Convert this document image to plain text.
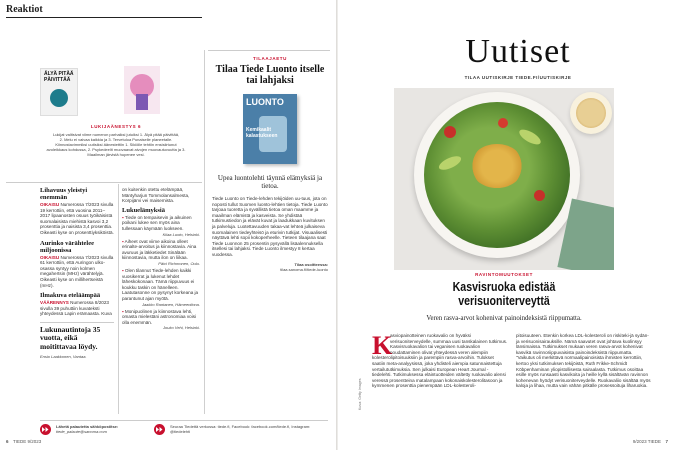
Reaktiot
ÄLYÄ PITÄÄ PÄIVITTÄÄ
LUKIJAÄNESTYS 6
Lukijat valitsivat viime numeron parhaiksi jutuiksi 1. Älyä pitää päivittää,
2. Melu ei vaivaa kaikkia ja 3. Tervetuloa Punaiselle planeetalle.
Kiinnostavimmiksi uutisiksi äänestettiin 1. Sikiölle tehtiin ensisiirtunut
avoleikkaus kohdussa, 2. Psykedeelit muovaavat aivojen muovautuvuutta ja 3.
Maailman järvistä hupenee vesi.
Lihavuus yleistyi enemmän

OIKAISU Numerossa 7/2023 sivulla 19 kerrottiin, että vuosina 2011–2017 lipaanosten osuus työikäisistä suomalaisista miehistä kasvoi 3,2 prosenttia ja naisista 3,4 prosenttia. Oikeasti kyse on prosenttiyksiköistä.

Aurinko värähtelee miljoonissa

OIKAISU Numerossa 7/2023 sivulla 61 kerrottiin, että Auringon ulko-osassa syntyy noin kolmen megahertsin (MHz) värähtelyjä. Oikeasti kyse on millihertseistä (mHz).

Ilmakuva eteläämpää

VÄÄRENNYS Numerossa 8/2023 sivulla 39 puhuttiin kuvateksti yhteydessä Lapin erämaasta. Kuva

Lukunautintoja 35 vuotta, eikä moitittavaa löydy.
Ensio Laakkonen, Vantaa.

on kuitenkin otettu etelämpää, Mäntyharjun Tommolansalmesta, Korpijärvi vei maisemista.

Lukuelämyksiä

▪ Tiede on tempaisevin ja aikuinen poikani lukee sen myös aina tullessaan käymään luokseen.

Kiiaa Luoto, Helsinki.

▪ Aiheet ovat viime aikoina olleet erinalte-arvoitus ja kiinnostavia. Aina avuruus ja läkketiedet Sinälään kiinnostavia, mutta ilon on liikaa.

Päivi Richmonen, Oulu.

▪ Olen tilannut Tiede-lehden kaikki vuosikerrat ja lukenut lehdet läheskokonaan. Tämä riippuvuus ei koukku taskin on hänelleen. Laatutasonne on pysynyt korkeana ja parantunut ajan myötä.

Jaakko Rantanen, Hämeenlinna.

▪ Monipuolinen ja kiinnostava lehti, omasta mielestäni astronomiaa voisi olla enemmän.

Jouko Vehi, Helsinki.
TILAAJAETU
Tilaa Tiede Luonto itselle tai lahjaksi
LUONTO
Kemikaalit kalastukseen
Upea luontolehti täynnä elämyksiä ja tietoa.

Tiede Luonto on Tiede-lehden tekijöiden uu-tuus, jota on noposti tullut Suomen luonto-lehtien tietoja. Tiede Luonto tarjoaa tuoretta ja syvällistä tietoa oman maamme ja maailman elämistä ja kasveista. Se yhdistää tutkimustiedon ja elävät kuvat ja laadukkaan kuvituksen ja palveluja. Luotettavuuden takaa-vat lehteä julkaiseva suomalainen tiedeyhteisö ja eturivin tutkijat. Visuaalisesti näyttävä lehti sopii kokoperheelle. Tieteen tilaajana saat Tiede Luonnon 25 prosentin pysyvällä lisäalennuksella itsellesi tai lahjaksi. Tiede Luonto ilmestyy 8 kertaa vuodessa.

Tilaa osoitteessa:
tilaa.sanoma.fi/tiede-luonto
Lähetä palautetta sähköpostitse:
tiede_palaute@sanoma.com
Seuraa Tiedettä verkossa: tiede.fi, Facebook: facebook.com/tiede.fi, Instagram: @tiedelehti
6 TIEDE 9/2023
Uutiset
TILAA UUTISKIRJE TIEDE.FI/UUTISKIRJE
Kuva: Getty Images
RAVINTOMUUTOKSET
Kasvisruoka edistää verisuoniterveyttä
Veren rasva-arvot kohenivat painoindeksistä riippumatta.
K

asviopainotteinen ruokavalio on hyväksi verisuoniterveydelle, summaa uusi tanskalainen tutkimus. Kasvisruokavalion tai veganisen ruokavalion noudattaminen olivat yhteydessä veren alempiin kolesterolipitoisuuksiin ja parempiin rasva-arvoihin. Tulokset saatiin meta-analyysissä, joka yhdisteli aiempia satunnaistettuja vertailututkimuksia. Sen julkaisi European Heart Journal -tiedelehti. Tutkimuksessa eläintuotteiden vältetty ruokavalio alensi veressä prosentteina matalampaan kokonaiskolesterolitasoon ja kymmenen prosenttia pienempään LDL-kolesteroli-

pitoisuuteen. Etenkin korkea LDL-kolesteroli on riskiteki-jä sydän- ja verisuonisairauksille. Nämä saavutet ovat johtava kuolinsyy länsimaissa. Tutkimukset mukaan veren rasva-arvot kohenivat kasvikä ravinnoriippuvaisista painoindeksistä riippumatta. "Vaikutus oli merkittävä normaalipainoisista ihmisten kerrottiin, kertoo yksi tutkimuksen tekijöistä, Ruth Frikke-Schmidt Köbpenhaminan yliopistollisesta sairaalasta. Tutkimus osoittaa esille myös runsaasti kasvikoita ja heille kyllä sisältävän ravinnon kohenevan hyödyt verisuoniterveydelle. Ruokavaliio sisältää myös kaloja ja lihaa, mutta vain vähän pitkälle prosessoituja liharuokia.

9/2023 TIEDE 7
